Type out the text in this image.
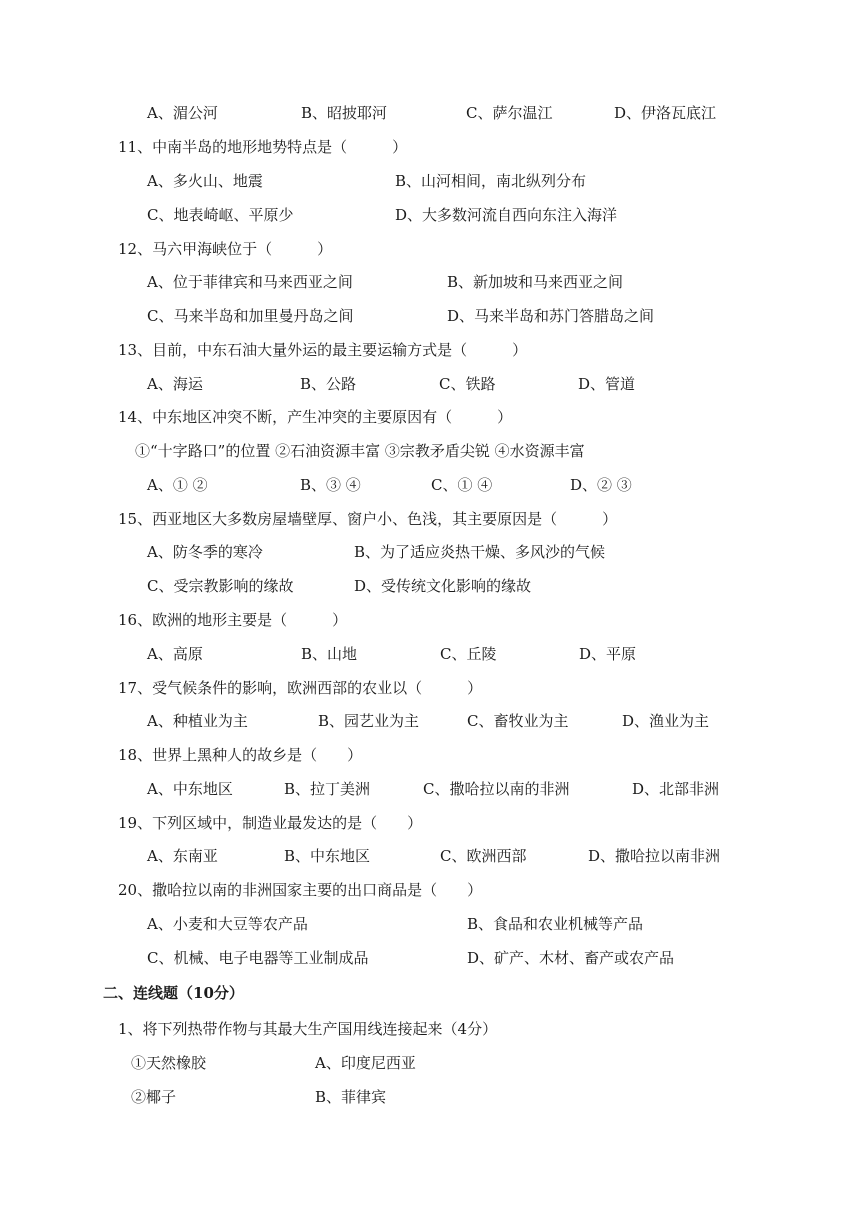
A、湄公河	B、昭披耶河	C、萨尔温江	D、伊洛瓦底江
11、中南半岛的地形地势特点是（　　　）
A、多火山、地震	B、山河相间，南北纵列分布
C、地表崎岖、平原少	D、大多数河流自西向东注入海洋
12、马六甲海峡位于（　　　）
A、位于菲律宾和马来西亚之间	B、新加坡和马来西亚之间
C、马来半岛和加里曼丹岛之间	D、马来半岛和苏门答腊岛之间
13、目前，中东石油大量外运的最主要运输方式是（　　　）
A、海运	B、公路	C、铁路	D、管道
14、中东地区冲突不断，产生冲突的主要原因有（　　　）
①“十字路口”的位置 ②石油资源丰富 ③宗教矛盾尖锐 ④水资源丰富
A、① ②	B、③ ④	C、① ④	D、② ③
15、西亚地区大多数房屋墙壁厚、窗户小、色浅，其主要原因是（　　　）
A、防冬季的寒冷	B、为了适应炎热干燥、多风沙的气候
C、受宗教影响的缘故	D、受传统文化影响的缘故
16、欧洲的地形主要是（　　　）
A、高原	B、山地	C、丘陵	D、平原
17、受气候条件的影响，欧洲西部的农业以（　　　）
A、种植业为主	B、园艺业为主	C、畜牧业为主	D、渔业为主
18、世界上黑种人的故乡是（　　）
A、中东地区	B、拉丁美洲	C、撒哈拉以南的非洲	D、北部非洲
19、下列区域中，制造业最发达的是（　　）
A、东南亚	B、中东地区	C、欧洲西部	D、撒哈拉以南非洲
20、撒哈拉以南的非洲国家主要的出口商品是（　　）
A、小麦和大豆等农产品	B、食品和农业机械等产品
C、机械、电子电器等工业制成品	D、矿产、木材、畜产或农产品
二、连线题（10分）
1、将下列热带作物与其最大生产国用线连接起来（4分）
①天然橡胶	A、印度尼西亚
②椰子	B、菲律宾
